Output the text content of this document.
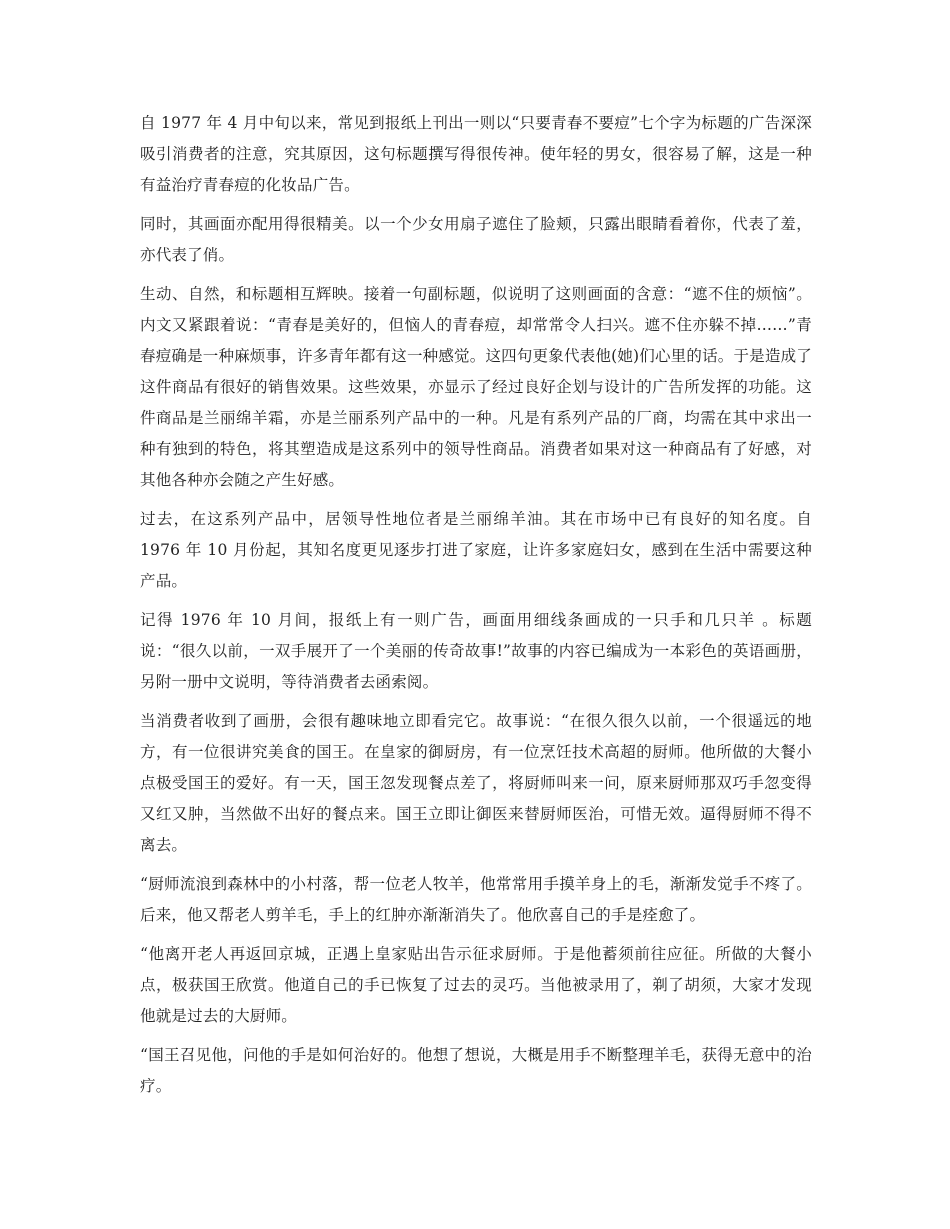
自 1977 年 4 月中旬以来，常见到报纸上刊出一则以“只要青春不要痘”七个字为标题的广告深深吸引消费者的注意，究其原因，这句标题撰写得很传神。使年轻的男女，很容易了解，这是一种有益治疗青春痘的化妆品广告。

同时，其画面亦配用得很精美。以一个少女用扇子遮住了脸颊，只露出眼睛看着你，代表了羞，亦代表了俏。

生动、自然，和标题相互辉映。接着一句副标题，似说明了这则画面的含意：“遮不住的烦恼”。内文又紧跟着说：“青春是美好的，但恼人的青春痘，却常常令人扫兴。遮不住亦躲不掉……”青春痘确是一种麻烦事，许多青年都有这一种感觉。这四句更象代表他(她)们心里的话。于是造成了这件商品有很好的销售效果。这些效果，亦显示了经过良好企划与设计的广告所发挥的功能。这件商品是兰丽绵羊霜，亦是兰丽系列产品中的一种。凡是有系列产品的厂商，均需在其中求出一种有独到的特色，将其塑造成是这系列中的领导性商品。消费者如果对这一种商品有了好感，对其他各种亦会随之产生好感。

过去，在这系列产品中，居领导性地位者是兰丽绵羊油。其在市场中已有良好的知名度。自 1976 年 10 月份起，其知名度更见逐步打进了家庭，让许多家庭妇女，感到在生活中需要这种产品。

记得 1976 年 10 月间，报纸上有一则广告，画面用细线条画成的一只手和几只羊 。标题说：“很久以前，一双手展开了一个美丽的传奇故事!”故事的内容已编成为一本彩色的英语画册，另附一册中文说明，等待消费者去函索阅。

当消费者收到了画册，会很有趣味地立即看完它。故事说：“在很久很久以前，一个很遥远的地方，有一位很讲究美食的国王。在皇家的御厨房，有一位烹饪技术高超的厨师。他所做的大餐小点极受国王的爱好。有一天，国王忽发现餐点差了，将厨师叫来一问，原来厨师那双巧手忽变得又红又肿，当然做不出好的餐点来。国王立即让御医来替厨师医治，可惜无效。逼得厨师不得不离去。

“厨师流浪到森林中的小村落，帮一位老人牧羊，他常常用手摸羊身上的毛，渐渐发觉手不疼了。后来，他又帮老人剪羊毛，手上的红肿亦渐渐消失了。他欣喜自己的手是痊愈了。

“他离开老人再返回京城，正遇上皇家贴出告示征求厨师。于是他蓄须前往应征。所做的大餐小点，极获国王欣赏。他道自己的手已恢复了过去的灵巧。当他被录用了，剃了胡须，大家才发现他就是过去的大厨师。

“国王召见他，问他的手是如何治好的。他想了想说，大概是用手不断整理羊毛，获得无意中的治疗。
